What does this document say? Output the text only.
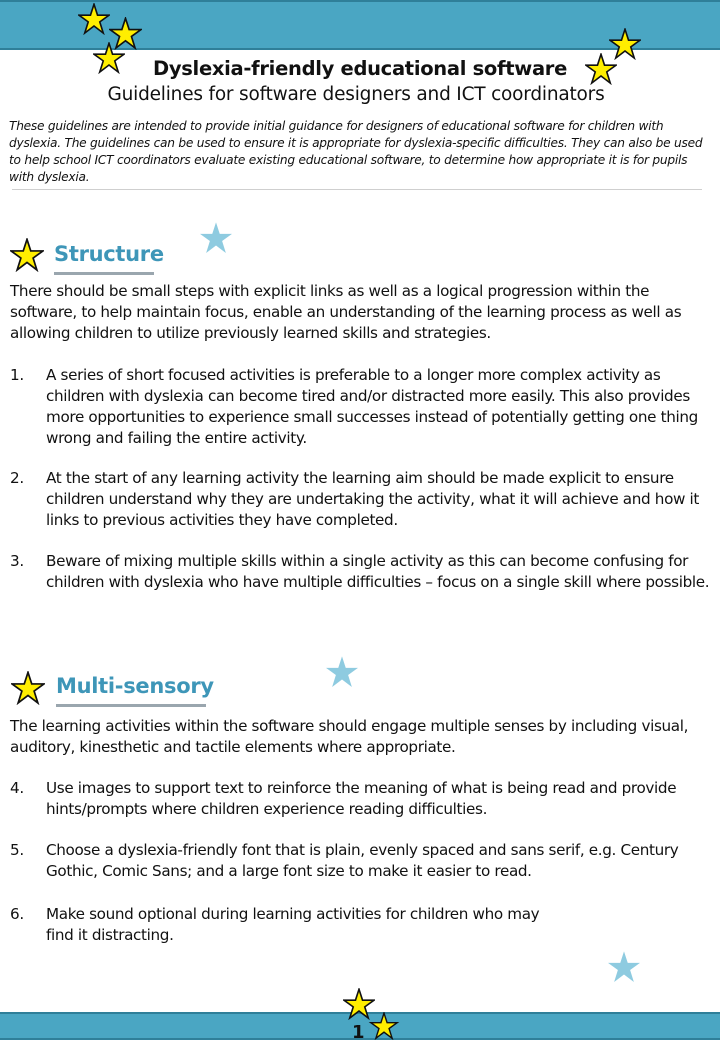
Dyslexia-friendly educational software
Guidelines for software designers and ICT coordinators
These guidelines are intended to provide initial guidance for designers of educational software for children with dyslexia. The guidelines can be used to ensure it is appropriate for dyslexia-specific difficulties. They can also be used to help school ICT coordinators evaluate existing educational software, to determine how appropriate it is for pupils with dyslexia.
Structure
There should be small steps with explicit links as well as a logical progression within the software, to help maintain focus, enable an understanding of the learning process as well as allowing children to utilize previously learned skills and strategies.
1. A series of short focused activities is preferable to a longer more complex activity as children with dyslexia can become tired and/or distracted more easily. This also provides more opportunities to experience small successes instead of potentially getting one thing wrong and failing the entire activity.
2. At the start of any learning activity the learning aim should be made explicit to ensure children understand why they are undertaking the activity, what it will achieve and how it links to previous activities they have completed.
3. Beware of mixing multiple skills within a single activity as this can become confusing for children with dyslexia who have multiple difficulties – focus on a single skill where possible.
Multi-sensory
The learning activities within the software should engage multiple senses by including visual, auditory, kinesthetic and tactile elements where appropriate.
4. Use images to support text to reinforce the meaning of what is being read and provide hints/prompts where children experience reading difficulties.
5. Choose a dyslexia-friendly font that is plain, evenly spaced and sans serif, e.g. Century Gothic, Comic Sans; and a large font size to make it easier to read.
6. Make sound optional during learning activities for children who may find it distracting.
1
